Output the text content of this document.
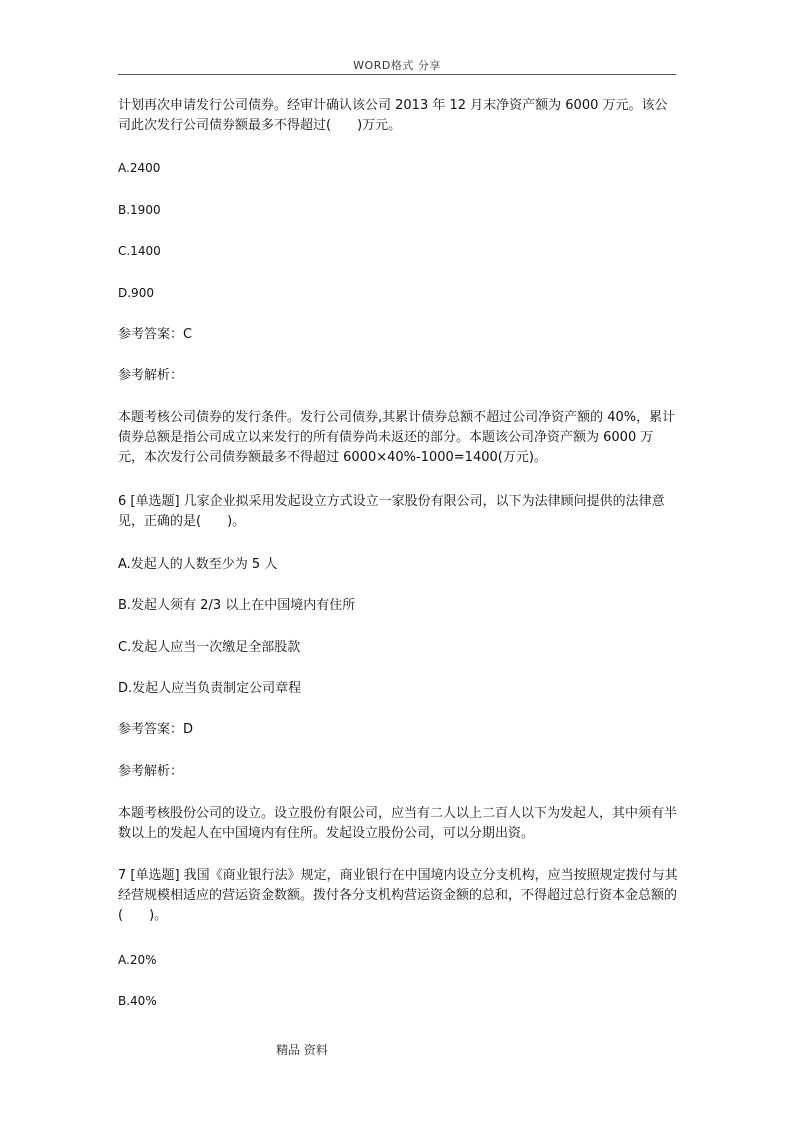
WORD格式 分享

计划再次申请发行公司债券。经审计确认该公司 2013 年 12 月末净资产额为 6000 万元。该公司此次发行公司债券额最多不得超过(　　)万元。

A.2400

B.1900

C.1400

D.900

参考答案：C

参考解析：

本题考核公司债券的发行条件。发行公司债券,其累计债券总额不超过公司净资产额的 40%，累计债券总额是指公司成立以来发行的所有债券尚未返还的部分。本题该公司净资产额为 6000 万元，本次发行公司债券额最多不得超过 6000×40%-1000=1400(万元)。

6 [单选题] 几家企业拟采用发起设立方式设立一家股份有限公司，以下为法律顾问提供的法律意见，正确的是(　　)。

A.发起人的人数至少为 5 人

B.发起人须有 2/3 以上在中国境内有住所

C.发起人应当一次缴足全部股款

D.发起人应当负责制定公司章程

参考答案：D

参考解析：

本题考核股份公司的设立。设立股份有限公司，应当有二人以上二百人以下为发起人，其中须有半数以上的发起人在中国境内有住所。发起设立股份公司，可以分期出资。

7 [单选题] 我国《商业银行法》规定，商业银行在中国境内设立分支机构，应当按照规定拨付与其经营规模相适应的营运资金数额。拨付各分支机构营运资金额的总和，不得超过总行资本金总额的(　　)。

A.20%

B.40%

精品 资料
